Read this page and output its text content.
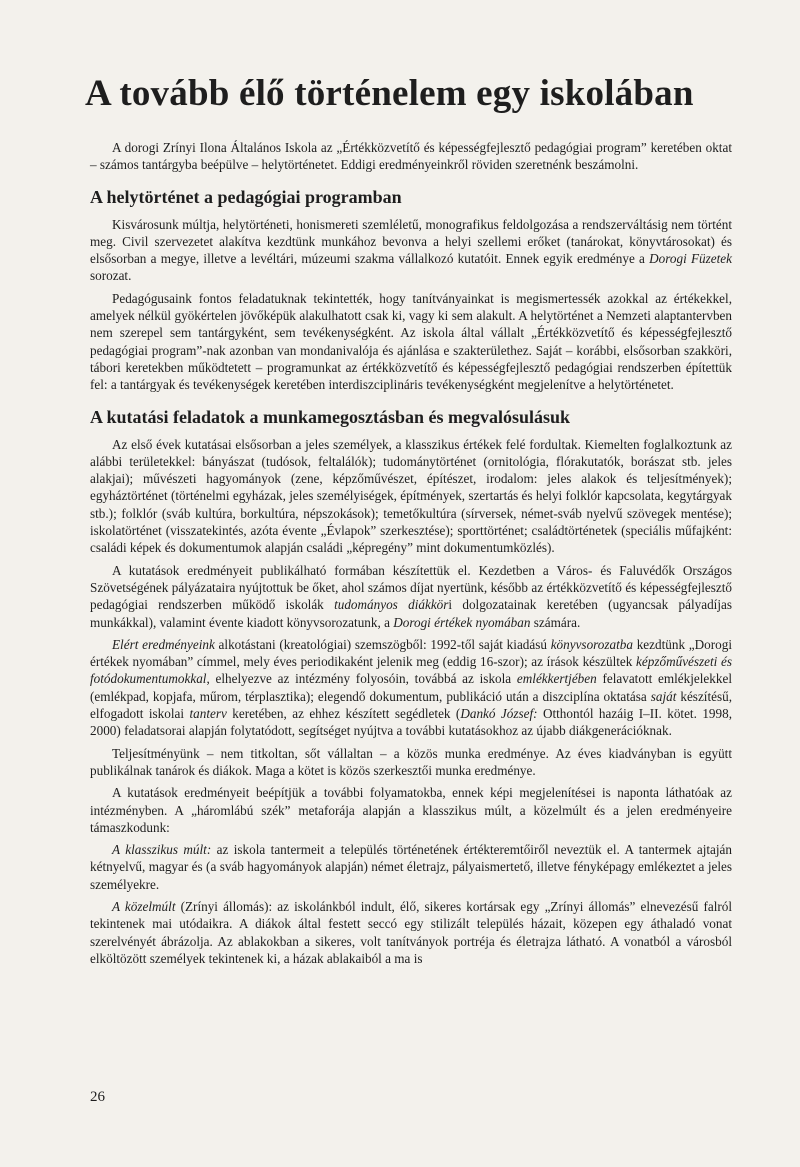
A tovább élő történelem egy iskolában

A dorogi Zrínyi Ilona Általános Iskola az „Értékközvetítő és képességfejlesztő pedagógiai program” keretében oktat – számos tantárgyba beépülve – helytörténetet. Eddigi eredményeinkről röviden szeretnénk beszámolni.

A helytörténet a pedagógiai programban

Kisvárosunk múltja, helytörténeti, honismereti szemléletű, monografikus feldolgozása a rendszerváltásig nem történt meg. Civil szervezetet alakítva kezdtünk munkához bevonva a helyi szellemi erőket (tanárokat, könyvtárosokat) és elsősorban a megye, illetve a levéltári, múzeumi szakma vállalkozó kutatóit. Ennek egyik eredménye a Dorogi Füzetek sorozat.

Pedagógusaink fontos feladatuknak tekintették, hogy tanítványainkat is megismertessék azokkal az értékekkel, amelyek nélkül gyökértelen jövőképük alakulhatott csak ki, vagy ki sem alakult. A helytörténet a Nemzeti alaptantervben nem szerepel sem tantárgyként, sem tevékenységként. Az iskola által vállalt „Értékközvetítő és képességfejlesztő pedagógiai program”-nak azonban van mondanivalója és ajánlása e szakterülethez. Saját – korábbi, elsősorban szakköri, tábori keretekben működtetett – programunkat az értékközvetítő és képességfejlesztő pedagógiai rendszerben építettük fel: a tantárgyak és tevékenységek keretében interdiszciplináris tevékenységként megjelenítve a helytörténetet.

A kutatási feladatok a munkamegosztásban és megvalósulásuk

Az első évek kutatásai elsősorban a jeles személyek, a klasszikus értékek felé fordultak. Kiemelten foglalkoztunk az alábbi területekkel: bányászat (tudósok, feltalálók); tudománytörténet (ornitológia, flórakutatók, borászat stb. jeles alakjai); művészeti hagyományok (zene, képzőművészet, építészet, irodalom: jeles alakok és teljesítmények); egyháztörténet (történelmi egyházak, jeles személyiségek, építmények, szertartás és helyi folklór kapcsolata, kegytárgyak stb.); folklór (sváb kultúra, borkultúra, népszokások); temetőkultúra (sírversek, német-sváb nyelvű szövegek mentése); iskolatörténet (visszatekintés, azóta évente „Évlapok” szerkesztése); sporttörténet; családtörténetek (speciális műfajként: családi képek és dokumentumok alapján családi „képregény” mint dokumentumközlés).

A kutatások eredményeit publikálható formában készítettük el. Kezdetben a Város- és Faluvédők Országos Szövetségének pályázataira nyújtottuk be őket, ahol számos díjat nyertünk, később az értékközvetítő és képességfejlesztő pedagógiai rendszerben működő iskolák tudományos diákköri dolgozatainak keretében (ugyancsak pályadíjas munkákkal), valamint évente kiadott könyvsorozatunk, a Dorogi értékek nyomában számára.

Elért eredményeink alkotástani (kreatológiai) szemszögből: 1992-től saját kiadású könyvsorozatba kezdtünk „Dorogi értékek nyomában” címmel, mely éves periodikaként jelenik meg (eddig 16-szor); az írások készültek képzőművészeti és fotódokumentumokkal, elhelyezve az intézmény folyosóin, továbbá az iskola emlékkertjében felavatott emlékjelekkel (emlékpad, kopjafa, műrom, térplasztika); elegendő dokumentum, publikáció után a diszciplína oktatása saját készítésű, elfogadott iskolai tanterv keretében, az ehhez készített segédletek (Dankó József: Otthontól hazáig I–II. kötet. 1998, 2000) feladatsorai alapján folytatódott, segítséget nyújtva a további kutatásokhoz az újabb diákgenerációknak.

Teljesítményünk – nem titkoltan, sőt vállaltan – a közös munka eredménye. Az éves kiadványban is együtt publikálnak tanárok és diákok. Maga a kötet is közös szerkesztői munka eredménye.

A kutatások eredményeit beépítjük a további folyamatokba, ennek képi megjelenítései is naponta láthatóak az intézményben. A „háromlábú szék” metaforája alapján a klasszikus múlt, a közelmúlt és a jelen eredményeire támaszkodunk:

A klasszikus múlt: az iskola tantermeit a település történetének értékteremtőiről neveztük el. A tantermek ajtaján kétnyelvű, magyar és (a sváb hagyományok alapján) német életrajz, pályaismertető, illetve fényképagy emlékeztet a jeles személyekre.

A közelmúlt (Zrínyi állomás): az iskolánkból indult, élő, sikeres kortársak egy „Zrínyi állomás” elnevezésű falról tekintenek mai utódaikra. A diákok által festett seccó egy stilizált település házait, közepen egy áthaladó vonat szerelvényét ábrázolja. Az ablakokban a sikeres, volt tanítványok portréja és életrajza látható. A vonatból a városból elköltözött személyek tekintenek ki, a házak ablakaiból a ma is

26
